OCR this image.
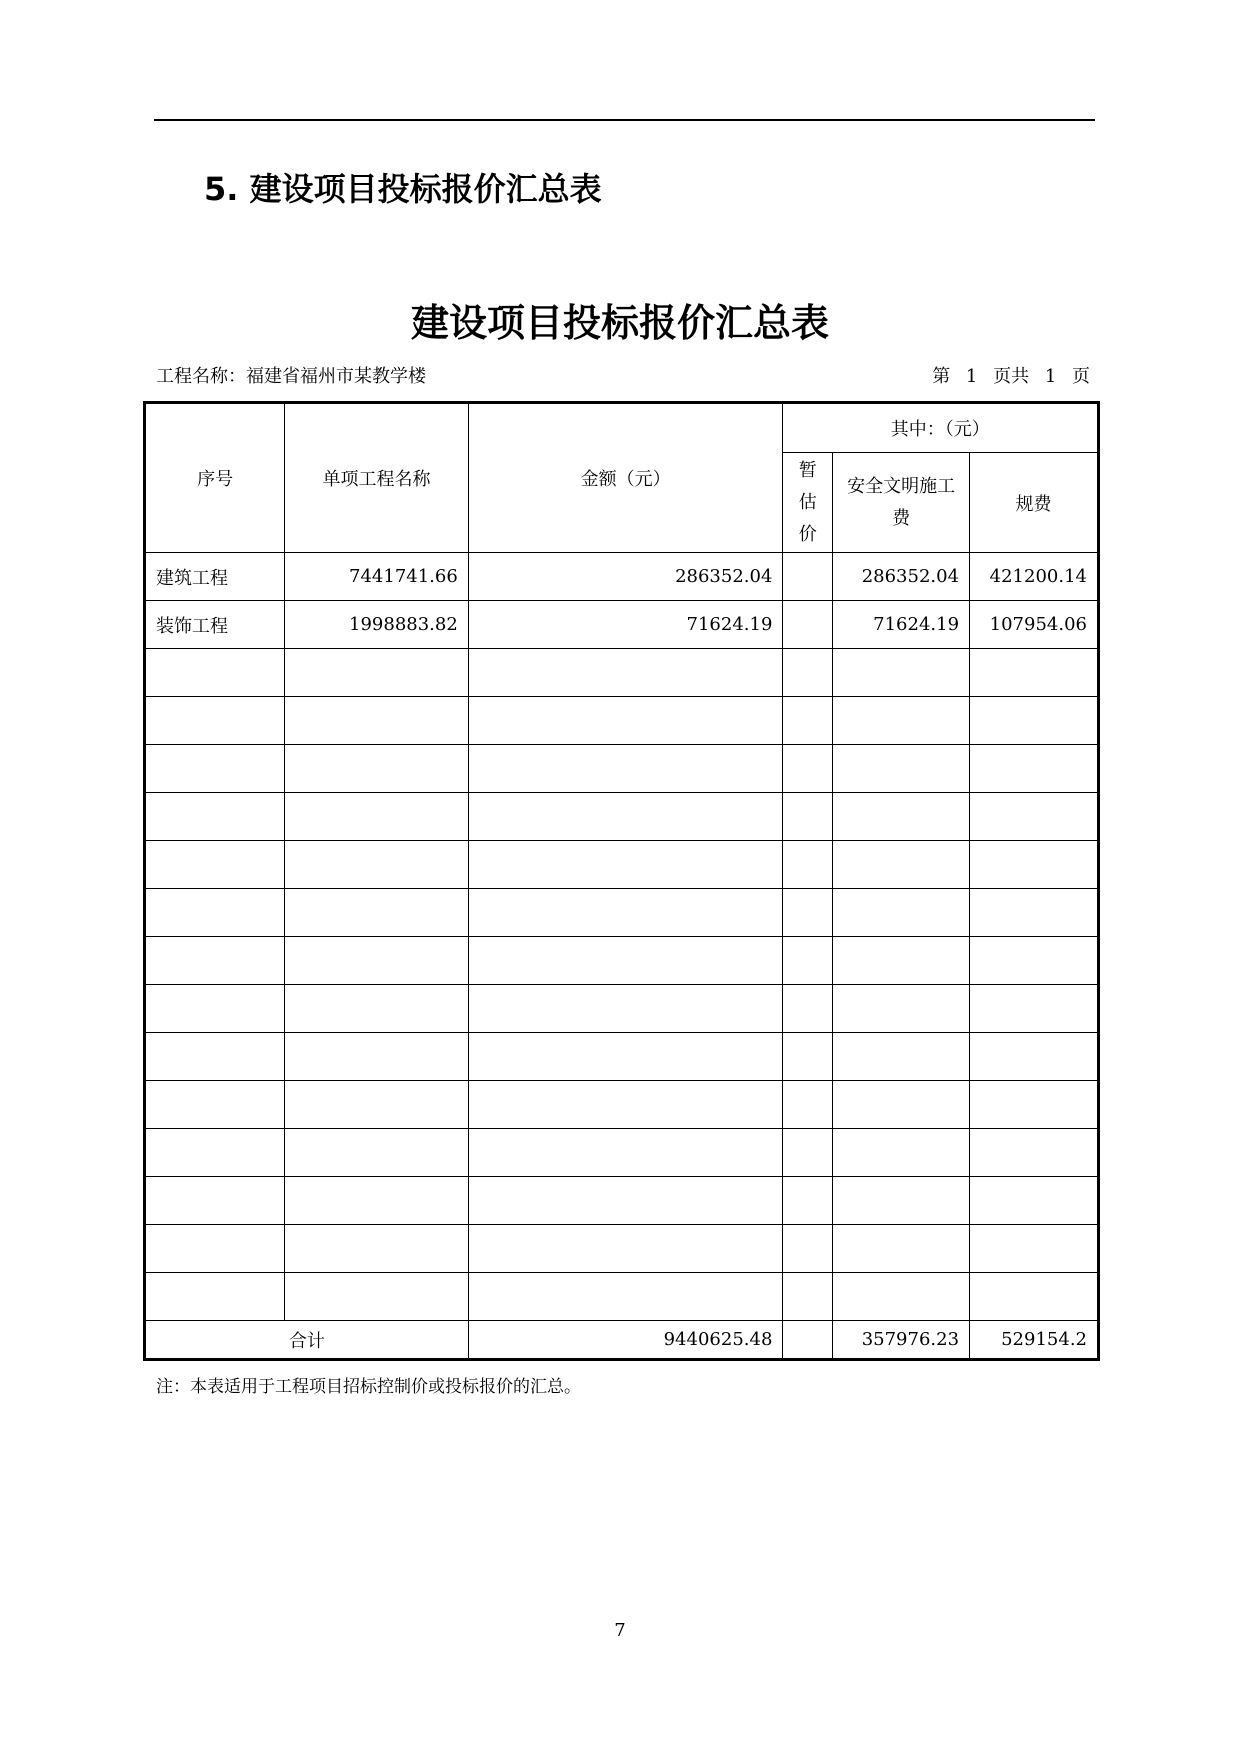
5. 建设项目投标报价汇总表
建设项目投标报价汇总表
工程名称：福建省福州市某教学楼	第 1 页共 1 页
序号	单项工程名称	金额（元）	其中：（元）		
			暂估价	安全文明施工费	规费
建筑工程	7441741.66	286352.04		286352.04	421200.14
装饰工程	1998883.82	71624.19		71624.19	107954.06

合计		9440625.48		357976.23	529154.2
注：本表适用于工程项目招标控制价或投标报价的汇总。
7
